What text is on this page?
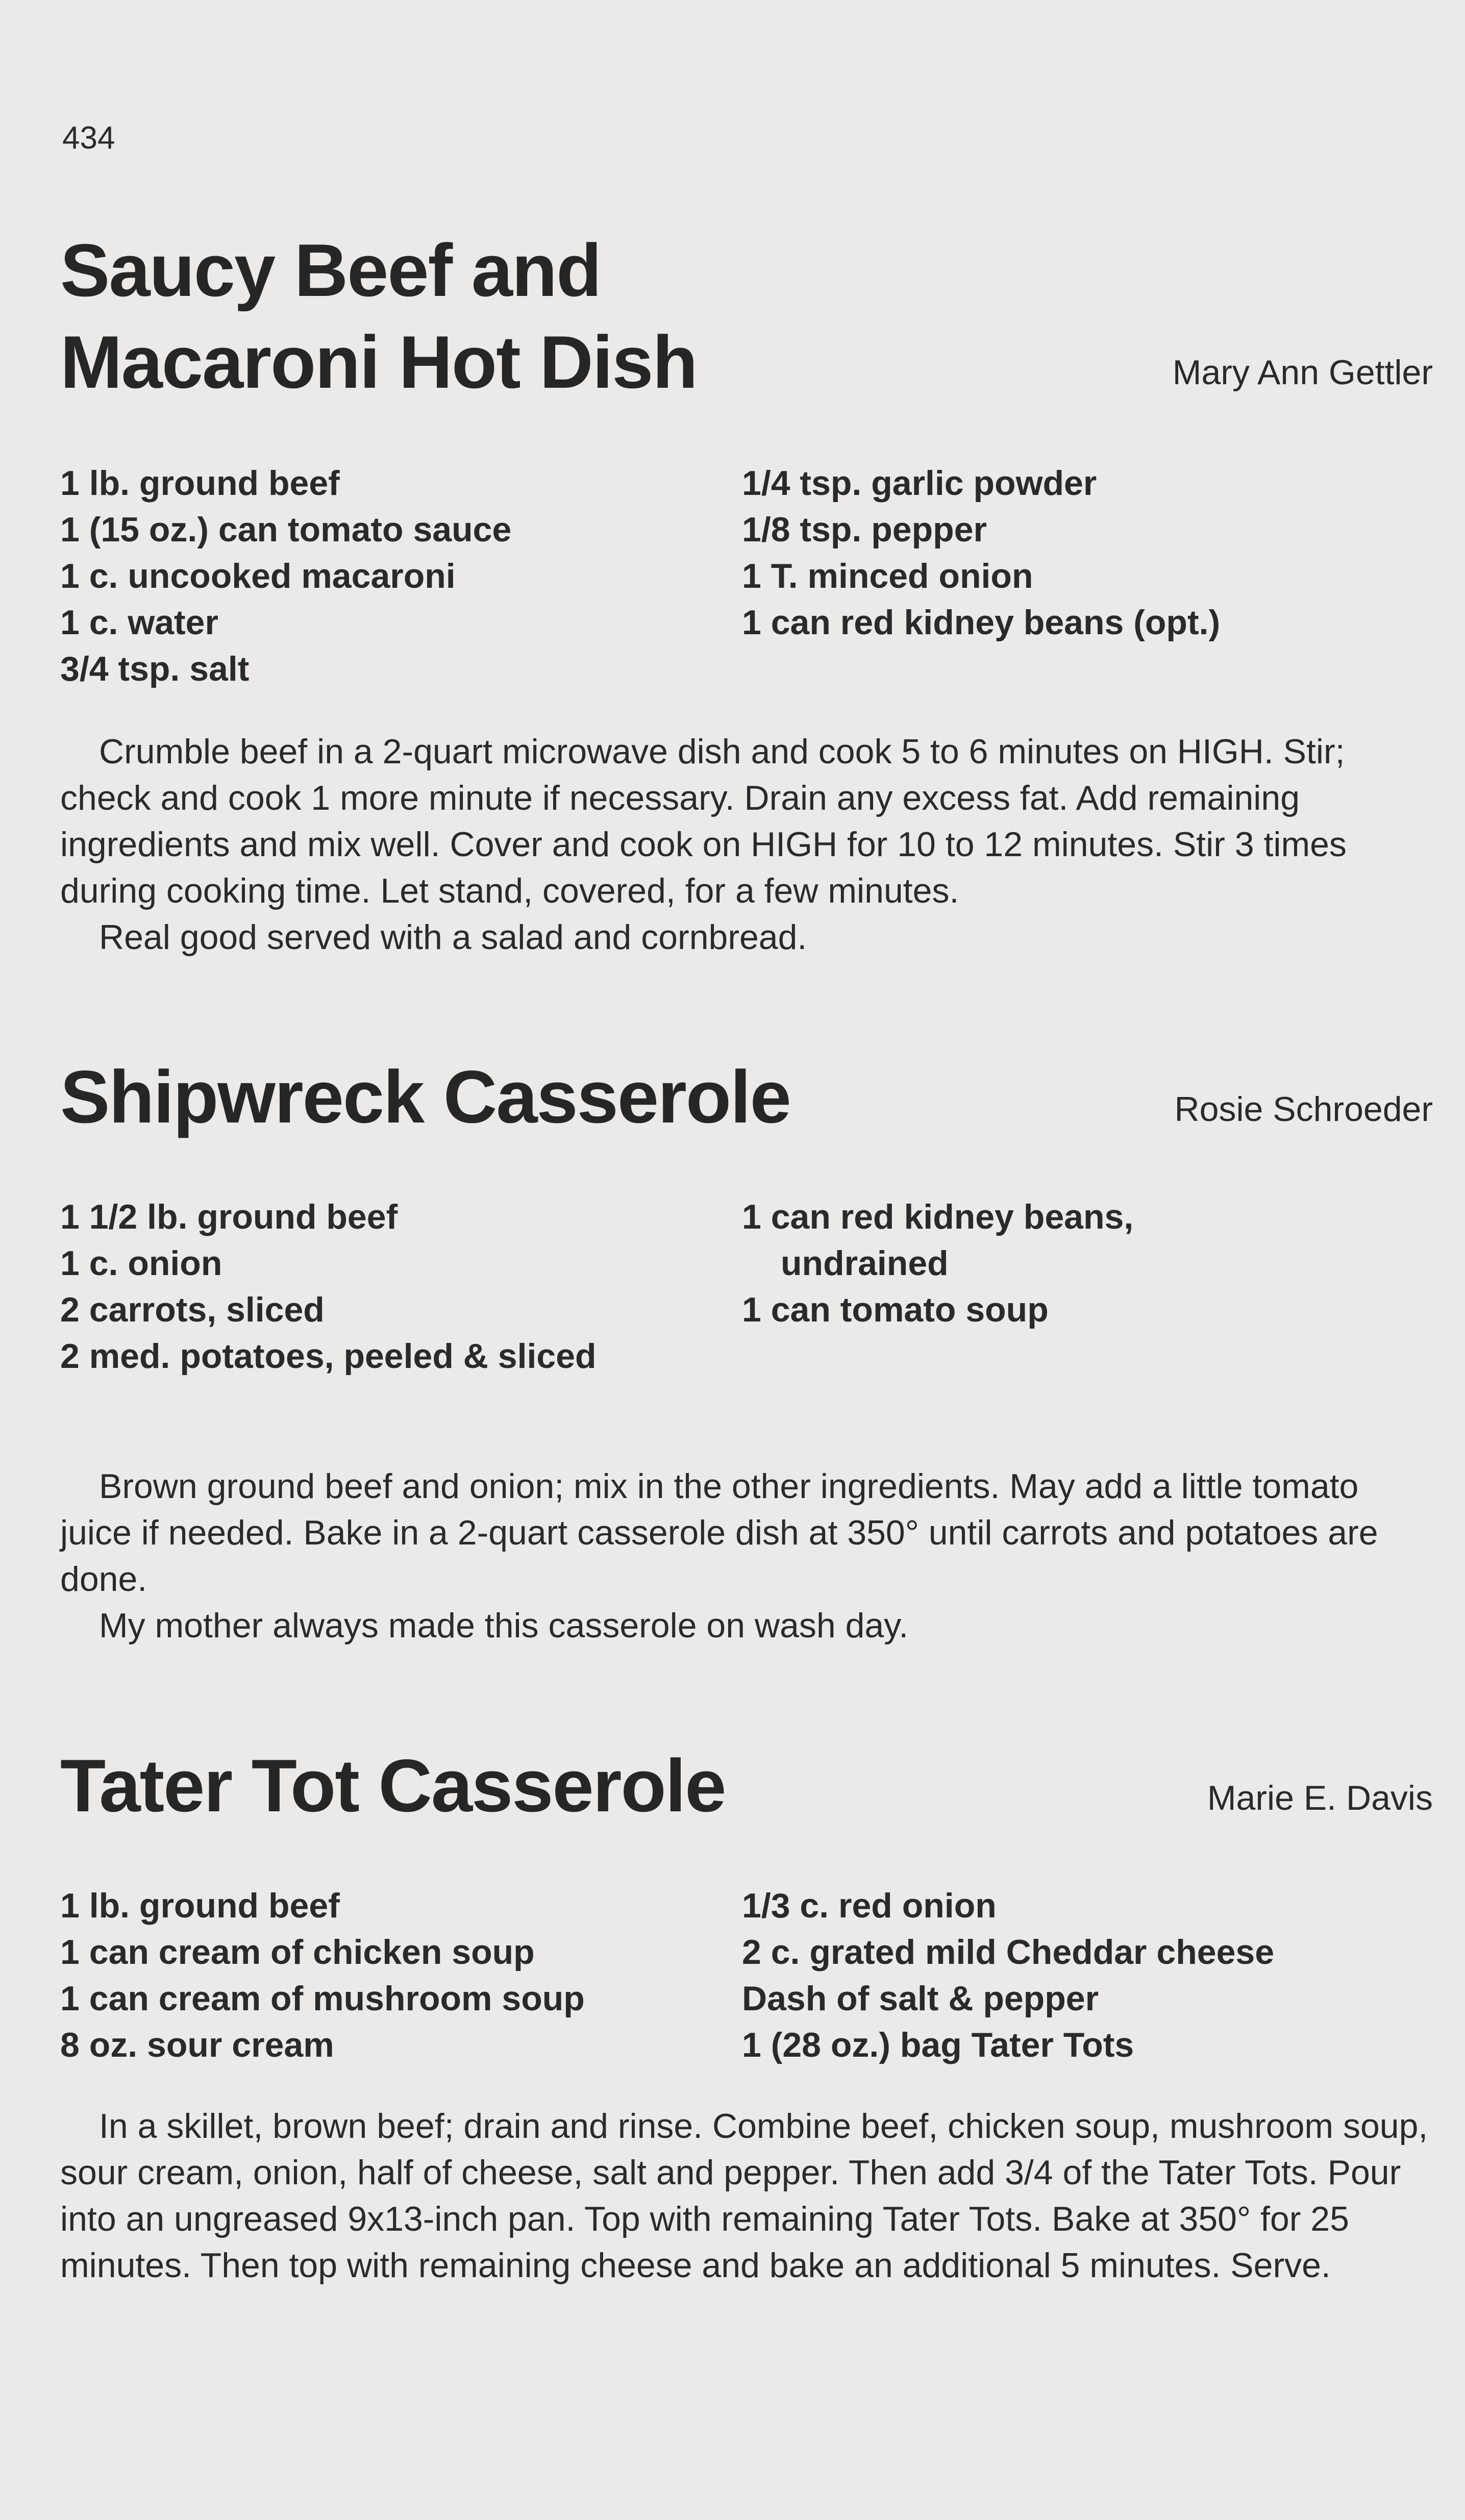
434
Saucy Beef and
Macaroni Hot Dish	Mary Ann Gettler
1 lb. ground beef
1 (15 oz.) can tomato sauce
1 c. uncooked macaroni
1 c. water
3/4 tsp. salt
1/4 tsp. garlic powder
1/8 tsp. pepper
1 T. minced onion
1 can red kidney beans (opt.)

Crumble beef in a 2-quart microwave dish and cook 5 to 6 minutes on HIGH. Stir; check and cook 1 more minute if necessary. Drain any excess fat. Add remaining ingredients and mix well. Cover and cook on HIGH for 10 to 12 minutes. Stir 3 times during cooking time. Let stand, covered, for a few minutes.

Real good served with a salad and cornbread.

Shipwreck Casserole	Rosie Schroeder
1 1/2 lb. ground beef
1 c. onion
2 carrots, sliced
2 med. potatoes, peeled & sliced
1 can red kidney beans, undrained
1 can tomato soup

Brown ground beef and onion; mix in the other ingredients. May add a little tomato juice if needed. Bake in a 2-quart casserole dish at 350° until carrots and potatoes are done.

My mother always made this casserole on wash day.

Tater Tot Casserole	Marie E. Davis
1 lb. ground beef
1 can cream of chicken soup
1 can cream of mushroom soup
8 oz. sour cream
1/3 c. red onion
2 c. grated mild Cheddar cheese
Dash of salt & pepper
1 (28 oz.) bag Tater Tots

In a skillet, brown beef; drain and rinse. Combine beef, chicken soup, mushroom soup, sour cream, onion, half of cheese, salt and pepper. Then add 3/4 of the Tater Tots. Pour into an ungreased 9x13-inch pan. Top with remaining Tater Tots. Bake at 350° for 25 minutes. Then top with remaining cheese and bake an additional 5 minutes. Serve.
